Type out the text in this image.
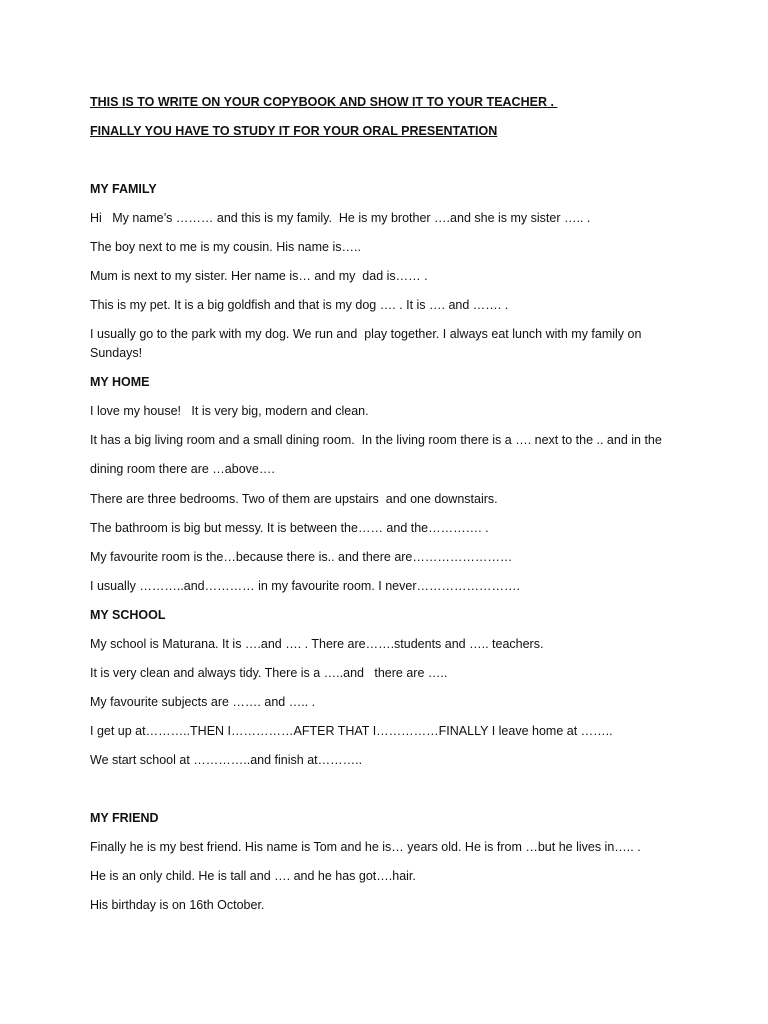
THIS IS TO WRITE ON YOUR COPYBOOK AND SHOW IT TO YOUR TEACHER .

FINALLY YOU HAVE TO STUDY IT FOR YOUR ORAL PRESENTATION

MY FAMILY

Hi   My name’s ……… and this is my family.  He is my brother ….and she is my sister ….. .

The boy next to me is my cousin. His name is…..

Mum is next to my sister. Her name is… and my  dad is…… .

This is my pet. It is a big goldfish and that is my dog …. . It is …. and ……. .

I usually go to the park with my dog. We run and  play together. I always eat lunch with my family on

Sundays!

MY HOME

I love my house!   It is very big, modern and clean.

It has a big living room and a small dining room.  In the living room there is a …. next to the .. and in the

dining room there are …above….

There are three bedrooms. Two of them are upstairs  and one downstairs.

The bathroom is big but messy. It is between the…… and the…………. .

My favourite room is the…because there is.. and there are……………………

I usually ………..and………… in my favourite room. I never…………………….

MY SCHOOL

My school is Maturana. It is ….and …. . There are…….students and ….. teachers.

It is very clean and always tidy. There is a …..and   there are …..

My favourite subjects are ……. and ….. .

I get up at………..THEN I……………AFTER THAT I……………FINALLY I leave home at ……..

We start school at …………..and finish at………..

MY FRIEND

Finally he is my best friend. His name is Tom and he is… years old. He is from …but he lives in….. .

He is an only child. He is tall and …. and he has got….hair.

His birthday is on 16th October.
